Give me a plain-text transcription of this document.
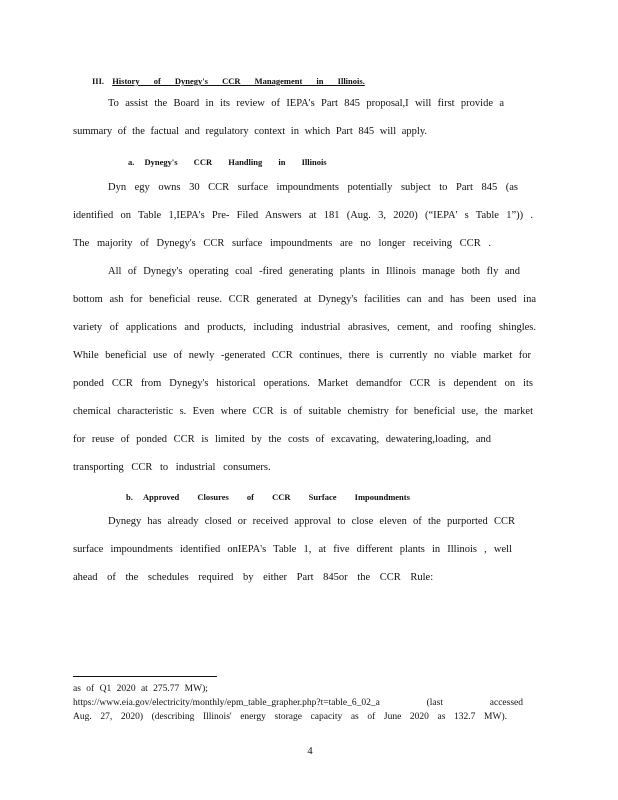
III. History of Dynegy's CCR Management in Illinois.
To assist the Board in its review of IEPA's Part 845 proposal,I will first provide a
summary of the factual and regulatory context in which Part 845 will apply.
a. Dynegy's CCR Handling in Illinois
Dyn egy owns 30 CCR surface impoundments potentially subject to Part 845 (as
identified on Table 1,IEPA's Pre- Filed Answers at 181 (Aug. 3, 2020) (“IEPA' s Table 1”)) .
The majority of Dynegy's CCR surface impoundments are no longer receiving CCR .
All of Dynegy's operating coal -fired generating plants in Illinois manage both fly and
bottom ash for beneficial reuse. CCR generated at Dynegy's facilities can and has been used ina
variety of applications and products, including industrial abrasives, cement, and roofing shingles.
While beneficial use of newly -generated CCR continues, there is currently no viable market for
ponded CCR from Dynegy's historical operations. Market demandfor CCR is dependent on its
chemical characteristic s. Even where CCR is of suitable chemistry for beneficial use, the market
for reuse of ponded CCR is limited by the costs of excavating, dewatering,loading, and
transporting CCR to industrial consumers.
b. Approved Closures of CCR Surface Impoundments
Dynegy has already closed or received approval to close eleven of the purported CCR
surface impoundments identified onIEPA's Table 1, at five different plants in Illinois , well
ahead of the schedules required by either Part 845or the CCR Rule:
as of Q1 2020 at 275.77 MW);
https://www.eia.gov/electricity/monthly/epm_table_grapher.php?t=table_6_02_a (last accessed
Aug. 27, 2020) (describing Illinois' energy storage capacity as of June 2020 as 132.7 MW).
4
